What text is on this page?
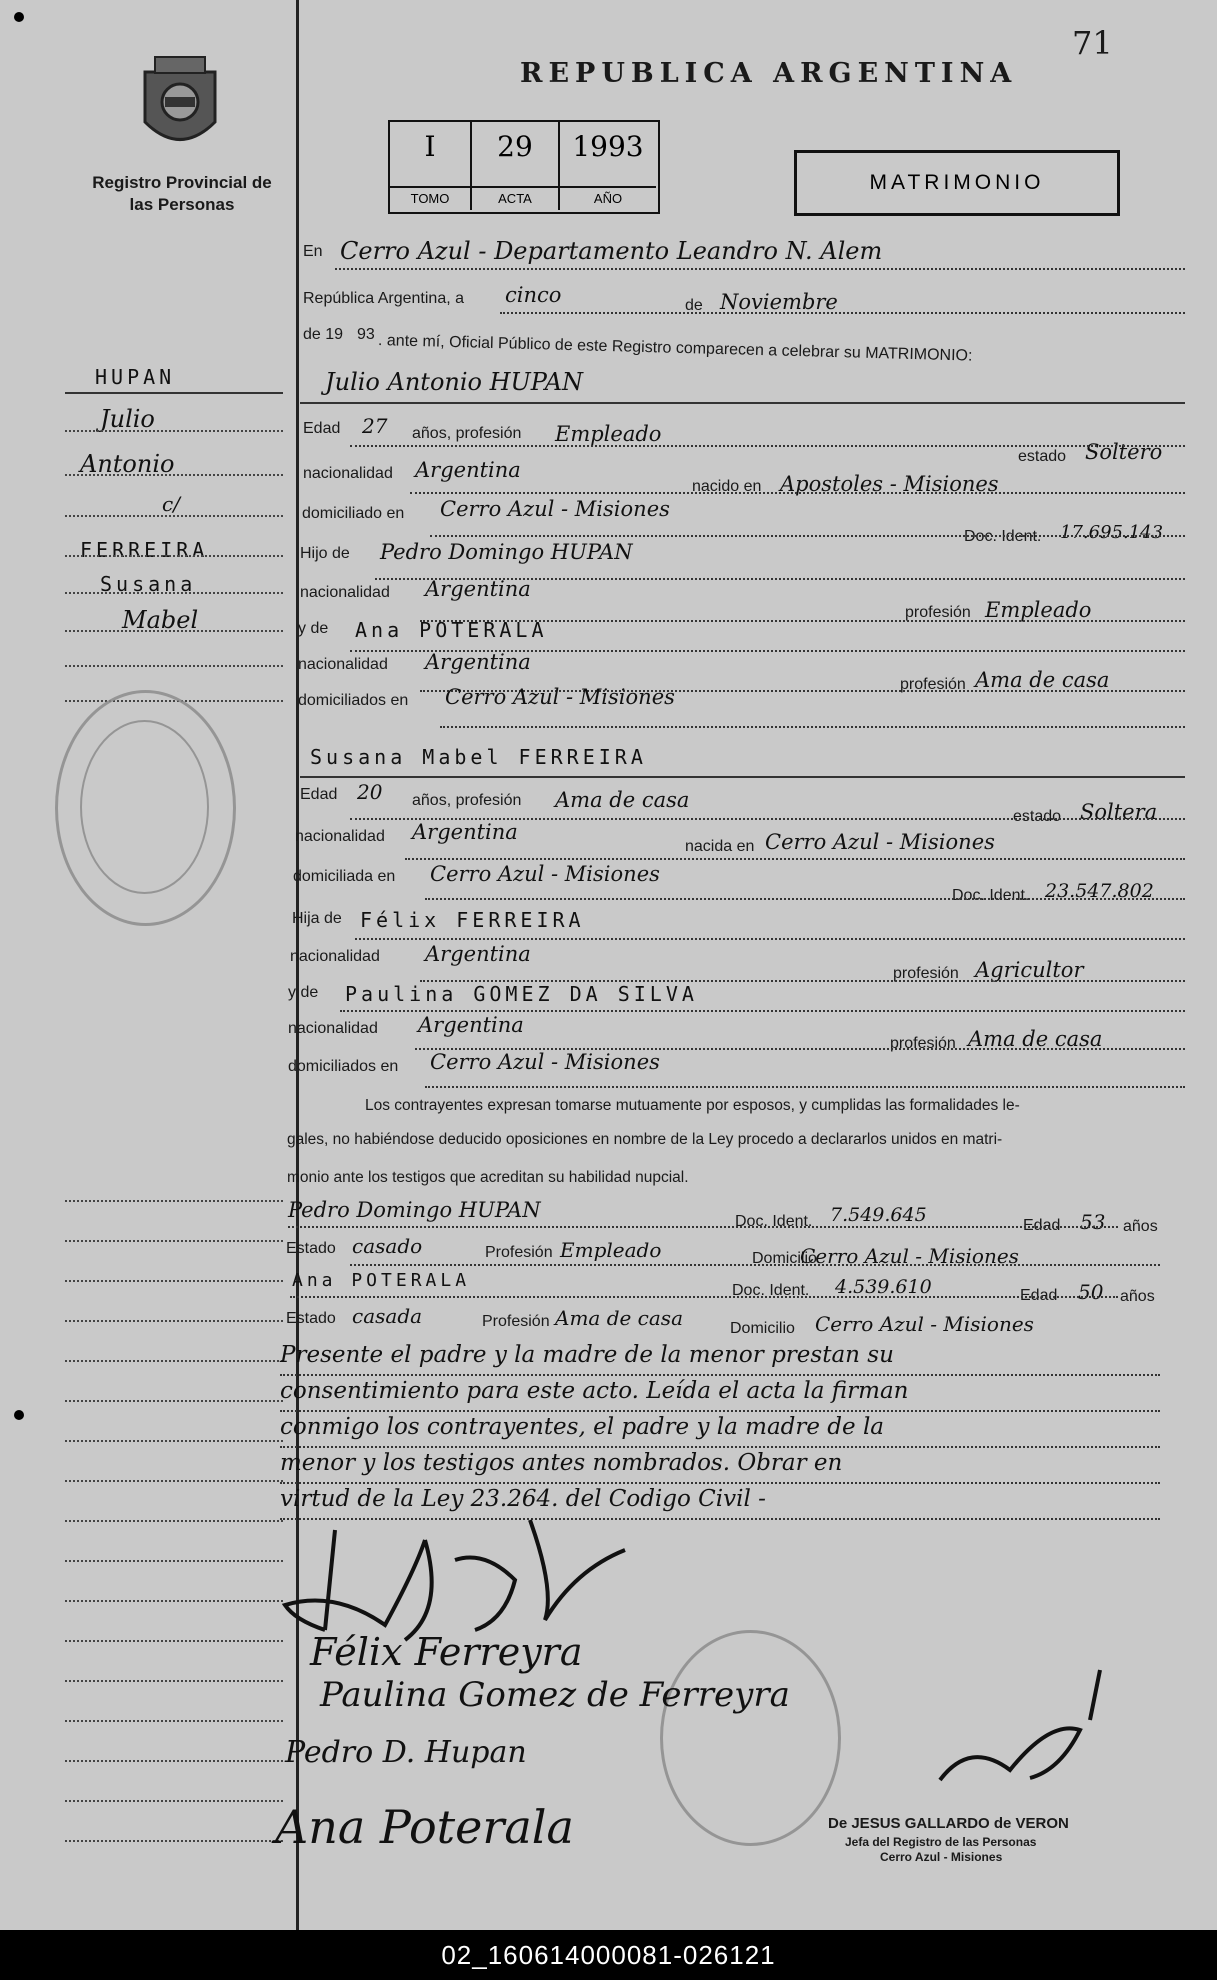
Registro Provincial de las Personas
REPUBLICA ARGENTINA
71
I
TOMO
29
ACTA
1993
AÑO
MATRIMONIO
HUPAN
Julio
Antonio
c/
FERREIRA
Susana
Mabel
En Cerro Azul - Departamento Leandro N. Alem
República Argentina, a cinco	de Noviembre
de 19 93 . ante mí, Oficial Público de este Registro comparecen a celebrar su MATRIMONIO:
Julio Antonio HUPAN
Edad 27 años, profesión Empleado
estado Soltero
nacionalidad Argentina
nacido en Apostoles - Misiones
domiciliado en Cerro Azul - Misiones
Doc. Ident. 17.695.143
Hijo de Pedro Domingo HUPAN
nacionalidad Argentina
profesión Empleado
y de Ana POTERALA
nacionalidad Argentina
profesión Ama de casa
domiciliados en Cerro Azul - Misiones
Susana Mabel FERREIRA
Edad 20 años, profesión Ama de casa
estado Soltera
nacionalidad Argentina
nacida en Cerro Azul - Misiones
domiciliada en Cerro Azul - Misiones
Doc. Ident. 23.547.802
Hija de Félix FERREIRA
nacionalidad Argentina
profesión Agricultor
y de Paulina GOMEZ DA SILVA
nacionalidad Argentina
profesión Ama de casa
domiciliados en Cerro Azul - Misiones
Los contrayentes expresan tomarse mutuamente por esposos, y cumplidas las formalidades le-
gales, no habiéndose deducido oposiciones en nombre de la Ley procedo a declararlos unidos en matri-
monio ante los testigos que acreditan su habilidad nupcial.
Pedro Domingo HUPAN	Doc. Ident. 7.549.645	Edad 53 años
Estado casado	Profesión Empleado	Domicilio
Cerro Azul - Misiones
Ana POTERALA	Doc. Ident. 4.539.610	Edad 50 años
Estado casada	Profesión Ama de casa	Domicilio Cerro Azul - Misiones
Presente el padre y la madre de la menor prestan su
consentimiento para este acto. Leída el acta la firman
conmigo los contrayentes, el padre y la madre de la
menor y los testigos antes nombrados. Obrar en
virtud de la Ley 23.264. del Codigo Civil -
Félix Ferreyra
Paulina Gomez de Ferreyra
Pedro D. Hupan
Ana Poterala	De JESUS GALLARDO de VERON
Jefa del Registro de las Personas
Cerro Azul - Misiones
02_160614000081-026121
